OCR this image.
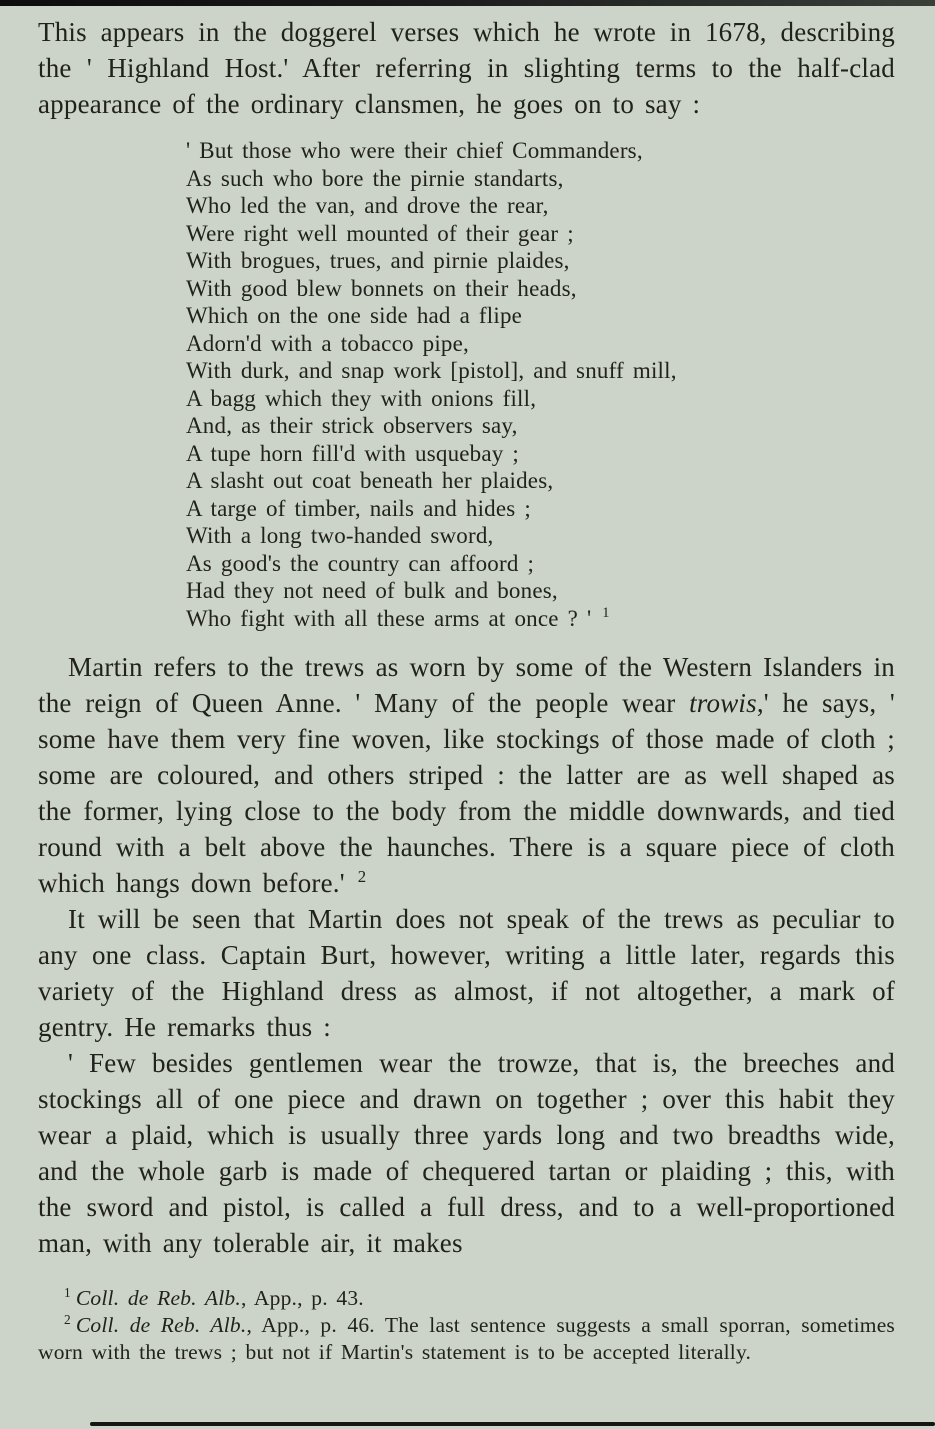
This appears in the doggerel verses which he wrote in 1678, describing the ' Highland Host.' After referring in slighting terms to the half-clad appearance of the ordinary clansmen, he goes on to say :

' But those who were their chief Commanders,
As such who bore the pirnie standarts,
Who led the van, and drove the rear,
Were right well mounted of their gear ;
With brogues, trues, and pirnie plaides,
With good blew bonnets on their heads,
Which on the one side had a flipe
Adorn'd with a tobacco pipe,
With durk, and snap work [pistol], and snuff mill,
A bagg which they with onions fill,
And, as their strick observers say,
A tupe horn fill'd with usquebay ;
A slasht out coat beneath her plaides,
A targe of timber, nails and hides ;
With a long two-handed sword,
As good's the country can affoord ;
Had they not need of bulk and bones,
Who fight with all these arms at once ? ' $^1$

Martin refers to the trews as worn by some of the Western Islanders in the reign of Queen Anne. ' Many of the people wear trowis,' he says, ' some have them very fine woven, like stockings of those made of cloth ; some are coloured, and others striped : the latter are as well shaped as the former, lying close to the body from the middle downwards, and tied round with a belt above the haunches. There is a square piece of cloth which hangs down before.' $^2$

It will be seen that Martin does not speak of the trews as peculiar to any one class. Captain Burt, however, writing a little later, regards this variety of the Highland dress as almost, if not altogether, a mark of gentry. He remarks thus :

' Few besides gentlemen wear the trowze, that is, the breeches and stockings all of one piece and drawn on together ; over this habit they wear a plaid, which is usually three yards long and two breadths wide, and the whole garb is made of chequered tartan or plaiding ; this, with the sword and pistol, is called a full dress, and to a well-proportioned man, with any tolerable air, it makes

$^1$ Coll. de Reb. Alb., App., p. 43.

$^2$ Coll. de Reb. Alb., App., p. 46. The last sentence suggests a small sporran, sometimes worn with the trews ; but not if Martin's statement is to be accepted literally.
